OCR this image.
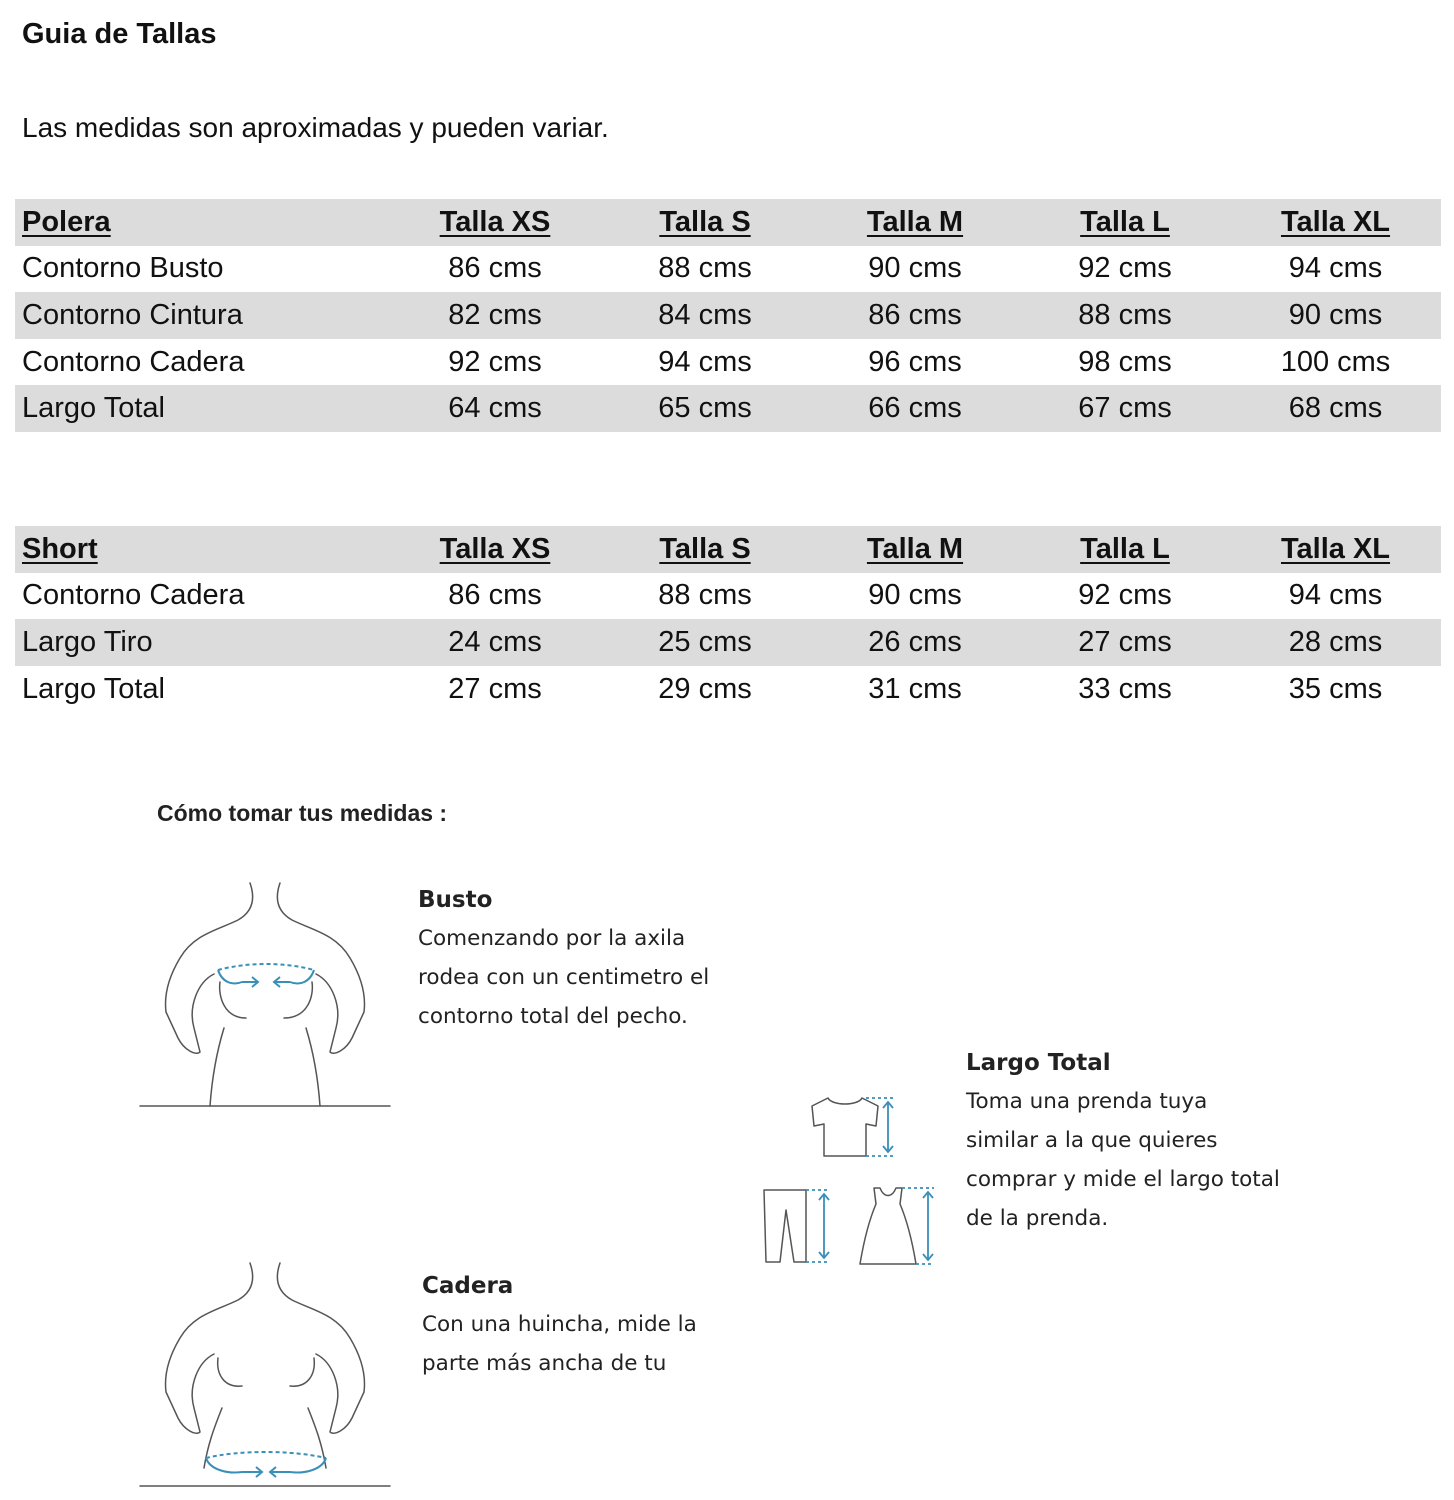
Guia de Tallas

Las medidas son aproximadas y pueden variar.

Polera	Talla XS	Talla S	Talla M	Talla L	Talla XL
Contorno Busto	86 cms	88 cms	90 cms	92 cms	94 cms
Contorno Cintura	82 cms	84 cms	86 cms	88 cms	90 cms
Contorno Cadera	92 cms	94 cms	96 cms	98 cms	100 cms
Largo Total	64 cms	65 cms	66 cms	67 cms	68 cms
Short	Talla XS	Talla S	Talla M	Talla L	Talla XL
Contorno Cadera	86 cms	88 cms	90 cms	92 cms	94 cms
Largo Tiro	24 cms	25 cms	26 cms	27 cms	28 cms
Largo Total	27 cms	29 cms	31 cms	33 cms	35 cms
Cómo tomar tus medidas :
Busto
Comenzando por la axila
rodea con un centimetro el
contorno total del pecho.
Largo Total
Toma una prenda tuya
similar a la que quieres
comprar y mide el largo total
de la prenda.
Cadera
Con una huincha, mide la
parte más ancha de tu
